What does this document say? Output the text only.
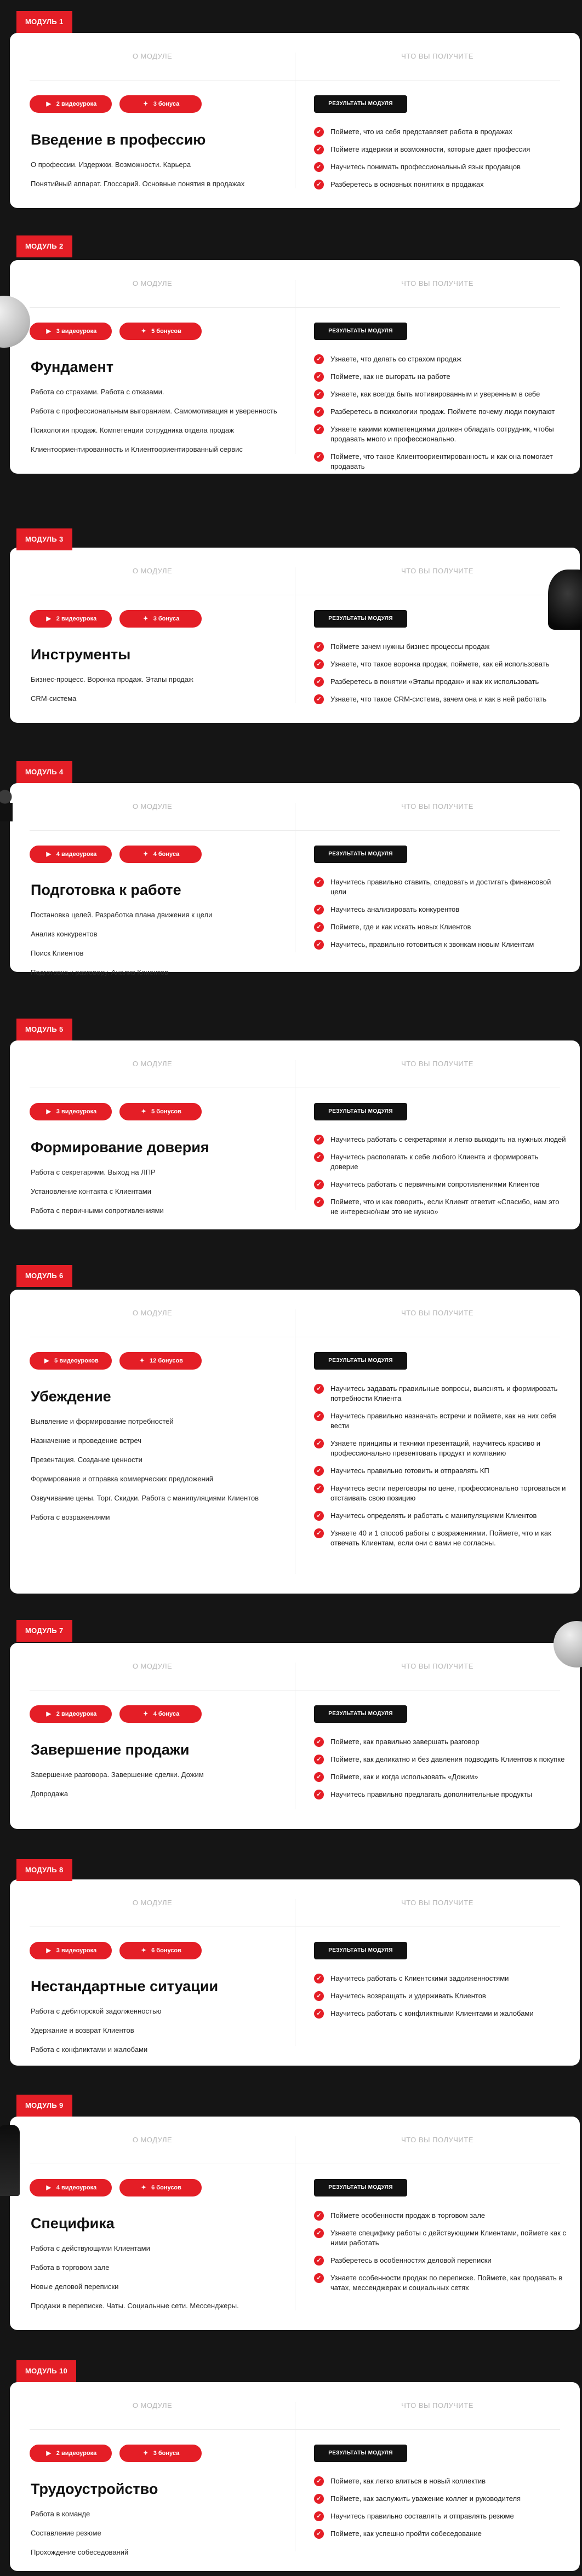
МОДУЛЬ 1
О МОДУЛЕ	ЧТО ВЫ ПОЛУЧИТЕ
▶ 2 видеоурока	✦ 3 бонуса
Введение в профессию
О профессии. Издержки. Возможности. Карьера
Понятийный аппарат. Глоссарий. Основные понятия в продажах
РЕЗУЛЬТАТЫ МОДУЛЯ
✓	Поймете, что из себя представляет работа в продажах
✓	Поймете издержки и возможности, которые дает профессия
✓	Научитесь понимать профессиональный язык продавцов
✓	Разберетесь в основных понятиях в продажах
МОДУЛЬ 2
О МОДУЛЕ	ЧТО ВЫ ПОЛУЧИТЕ
▶ 3 видеоурока	✦ 5 бонусов
Фундамент
Работа со страхами. Работа с отказами.
Работа с профессиональным выгоранием. Самомотивация и уверенность
Психология продаж. Компетенции сотрудника отдела продаж
Клиентоориентированность и Клиентоориентированный сервис
РЕЗУЛЬТАТЫ МОДУЛЯ
✓	Узнаете, что делать со страхом продаж
✓	Поймете, как не выгорать на работе
✓	Узнаете, как всегда быть мотивированным и уверенным в себе
✓	Разберетесь в психологии продаж. Поймете почему люди покупают
✓	Узнаете какими компетенциями должен обладать сотрудник, чтобы продавать много и профессионально.
✓	Поймете, что такое Клиентоориентированность и как она помогает продавать
МОДУЛЬ 3
О МОДУЛЕ	ЧТО ВЫ ПОЛУЧИТЕ
▶ 2 видеоурока	✦ 3 бонуса
Инструменты
Бизнес-процесс. Воронка продаж. Этапы продаж
CRM-система
РЕЗУЛЬТАТЫ МОДУЛЯ
✓	Поймете зачем нужны бизнес процессы продаж
✓	Узнаете, что такое воронка продаж, поймете, как ей использовать
✓	Разберетесь в понятии «Этапы продаж» и как их использовать
✓	Узнаете, что такое CRM-система, зачем она и как в ней работать
МОДУЛЬ 4
О МОДУЛЕ	ЧТО ВЫ ПОЛУЧИТЕ
▶ 4 видеоурока	✦ 4 бонуса
Подготовка к работе
Постановка целей. Разработка плана движения к цели
Анализ конкурентов
Поиск Клиентов
Подготовка к разговору. Анализ Клиентов
РЕЗУЛЬТАТЫ МОДУЛЯ
✓	Научитесь правильно ставить, следовать и достигать финансовой цели
✓	Научитесь анализировать конкурентов
✓	Поймете, где и как искать новых Клиентов
✓	Научитесь, правильно готовиться к звонкам новым Клиентам
МОДУЛЬ 5
О МОДУЛЕ	ЧТО ВЫ ПОЛУЧИТЕ
▶ 3 видеоурока	✦ 5 бонусов
Формирование доверия
Работа с секретарями. Выход на ЛПР
Установление контакта с Клиентами
Работа с первичными сопротивлениями
РЕЗУЛЬТАТЫ МОДУЛЯ
✓	Научитесь работать с секретарями и легко выходить на нужных людей
✓	Научитесь располагать к себе любого Клиента и формировать доверие
✓	Научитесь работать с первичными сопротивлениями Клиентов
✓	Поймете, что и как говорить, если Клиент ответит «Спасибо, нам это не интересно/нам это не нужно»
МОДУЛЬ 6
О МОДУЛЕ	ЧТО ВЫ ПОЛУЧИТЕ
▶ 5 видеоуроков	✦ 12 бонусов
Убеждение
Выявление и формирование потребностей
Назначение и проведение встреч
Презентация. Создание ценности
Формирование и отправка коммерческих предложений
Озвучивание цены. Торг. Скидки. Работа с манипуляциями Клиентов
Работа с возражениями
РЕЗУЛЬТАТЫ МОДУЛЯ
✓	Научитесь задавать правильные вопросы, выяснять и формировать потребности Клиента
✓	Научитесь правильно назначать встречи и поймете, как на них себя вести
✓	Узнаете принципы и техники презентаций, научитесь красиво и профессионально презентовать продукт и компанию
✓	Научитесь правильно готовить и отправлять КП
✓	Научитесь вести переговоры по цене, профессионально торговаться и отстаивать свою позицию
✓	Научитесь определять и работать с манипуляциями Клиентов
✓	Узнаете 40 и 1 способ работы с возражениями. Поймете, что и как отвечать Клиентам, если они с вами не согласны.
МОДУЛЬ 7
О МОДУЛЕ	ЧТО ВЫ ПОЛУЧИТЕ
▶ 2 видеоурока	✦ 4 бонуса
Завершение продажи
Завершение разговора. Завершение сделки. Дожим
Допродажа
РЕЗУЛЬТАТЫ МОДУЛЯ
✓	Поймете, как правильно завершать разговор
✓	Поймете, как деликатно и без давления подводить Клиентов к покупке
✓	Поймете, как и когда использовать «Дожим»
✓	Научитесь правильно предлагать дополнительные продукты
МОДУЛЬ 8
О МОДУЛЕ	ЧТО ВЫ ПОЛУЧИТЕ
▶ 3 видеоурока	✦ 6 бонусов
Нестандартные ситуации
Работа с дебиторской задолженностью
Удержание и возврат Клиентов
Работа с конфликтами и жалобами
РЕЗУЛЬТАТЫ МОДУЛЯ
✓	Научитесь работать с Клиентскими задолженностями
✓	Научитесь возвращать и удерживать Клиентов
✓	Научитесь работать с конфликтными Клиентами и жалобами
МОДУЛЬ 9
О МОДУЛЕ	ЧТО ВЫ ПОЛУЧИТЕ
▶ 4 видеоурока	✦ 6 бонусов
Специфика
Работа с действующими Клиентами
Работа в торговом зале
Новые деловой переписки
Продажи в переписке. Чаты. Социальные сети. Мессенджеры.
РЕЗУЛЬТАТЫ МОДУЛЯ
✓	Поймете особенности продаж в торговом зале
✓	Узнаете специфику работы с действующими Клиентами, поймете как с ними работать
✓	Разберетесь в особенностях деловой переписки
✓	Узнаете особенности продаж по переписке. Поймете, как продавать в чатах, мессенджерах и социальных сетях
МОДУЛЬ 10
О МОДУЛЕ	ЧТО ВЫ ПОЛУЧИТЕ
▶ 2 видеоурока	✦ 3 бонуса
Трудоустройство
Работа в команде
Составление резюме
Прохождение собеседований
РЕЗУЛЬТАТЫ МОДУЛЯ
✓	Поймете, как легко влиться в новый коллектив
✓	Поймете, как заслужить уважение коллег и руководителя
✓	Научитесь правильно составлять и отправлять резюме
✓	Поймете, как успешно пройти собеседование
